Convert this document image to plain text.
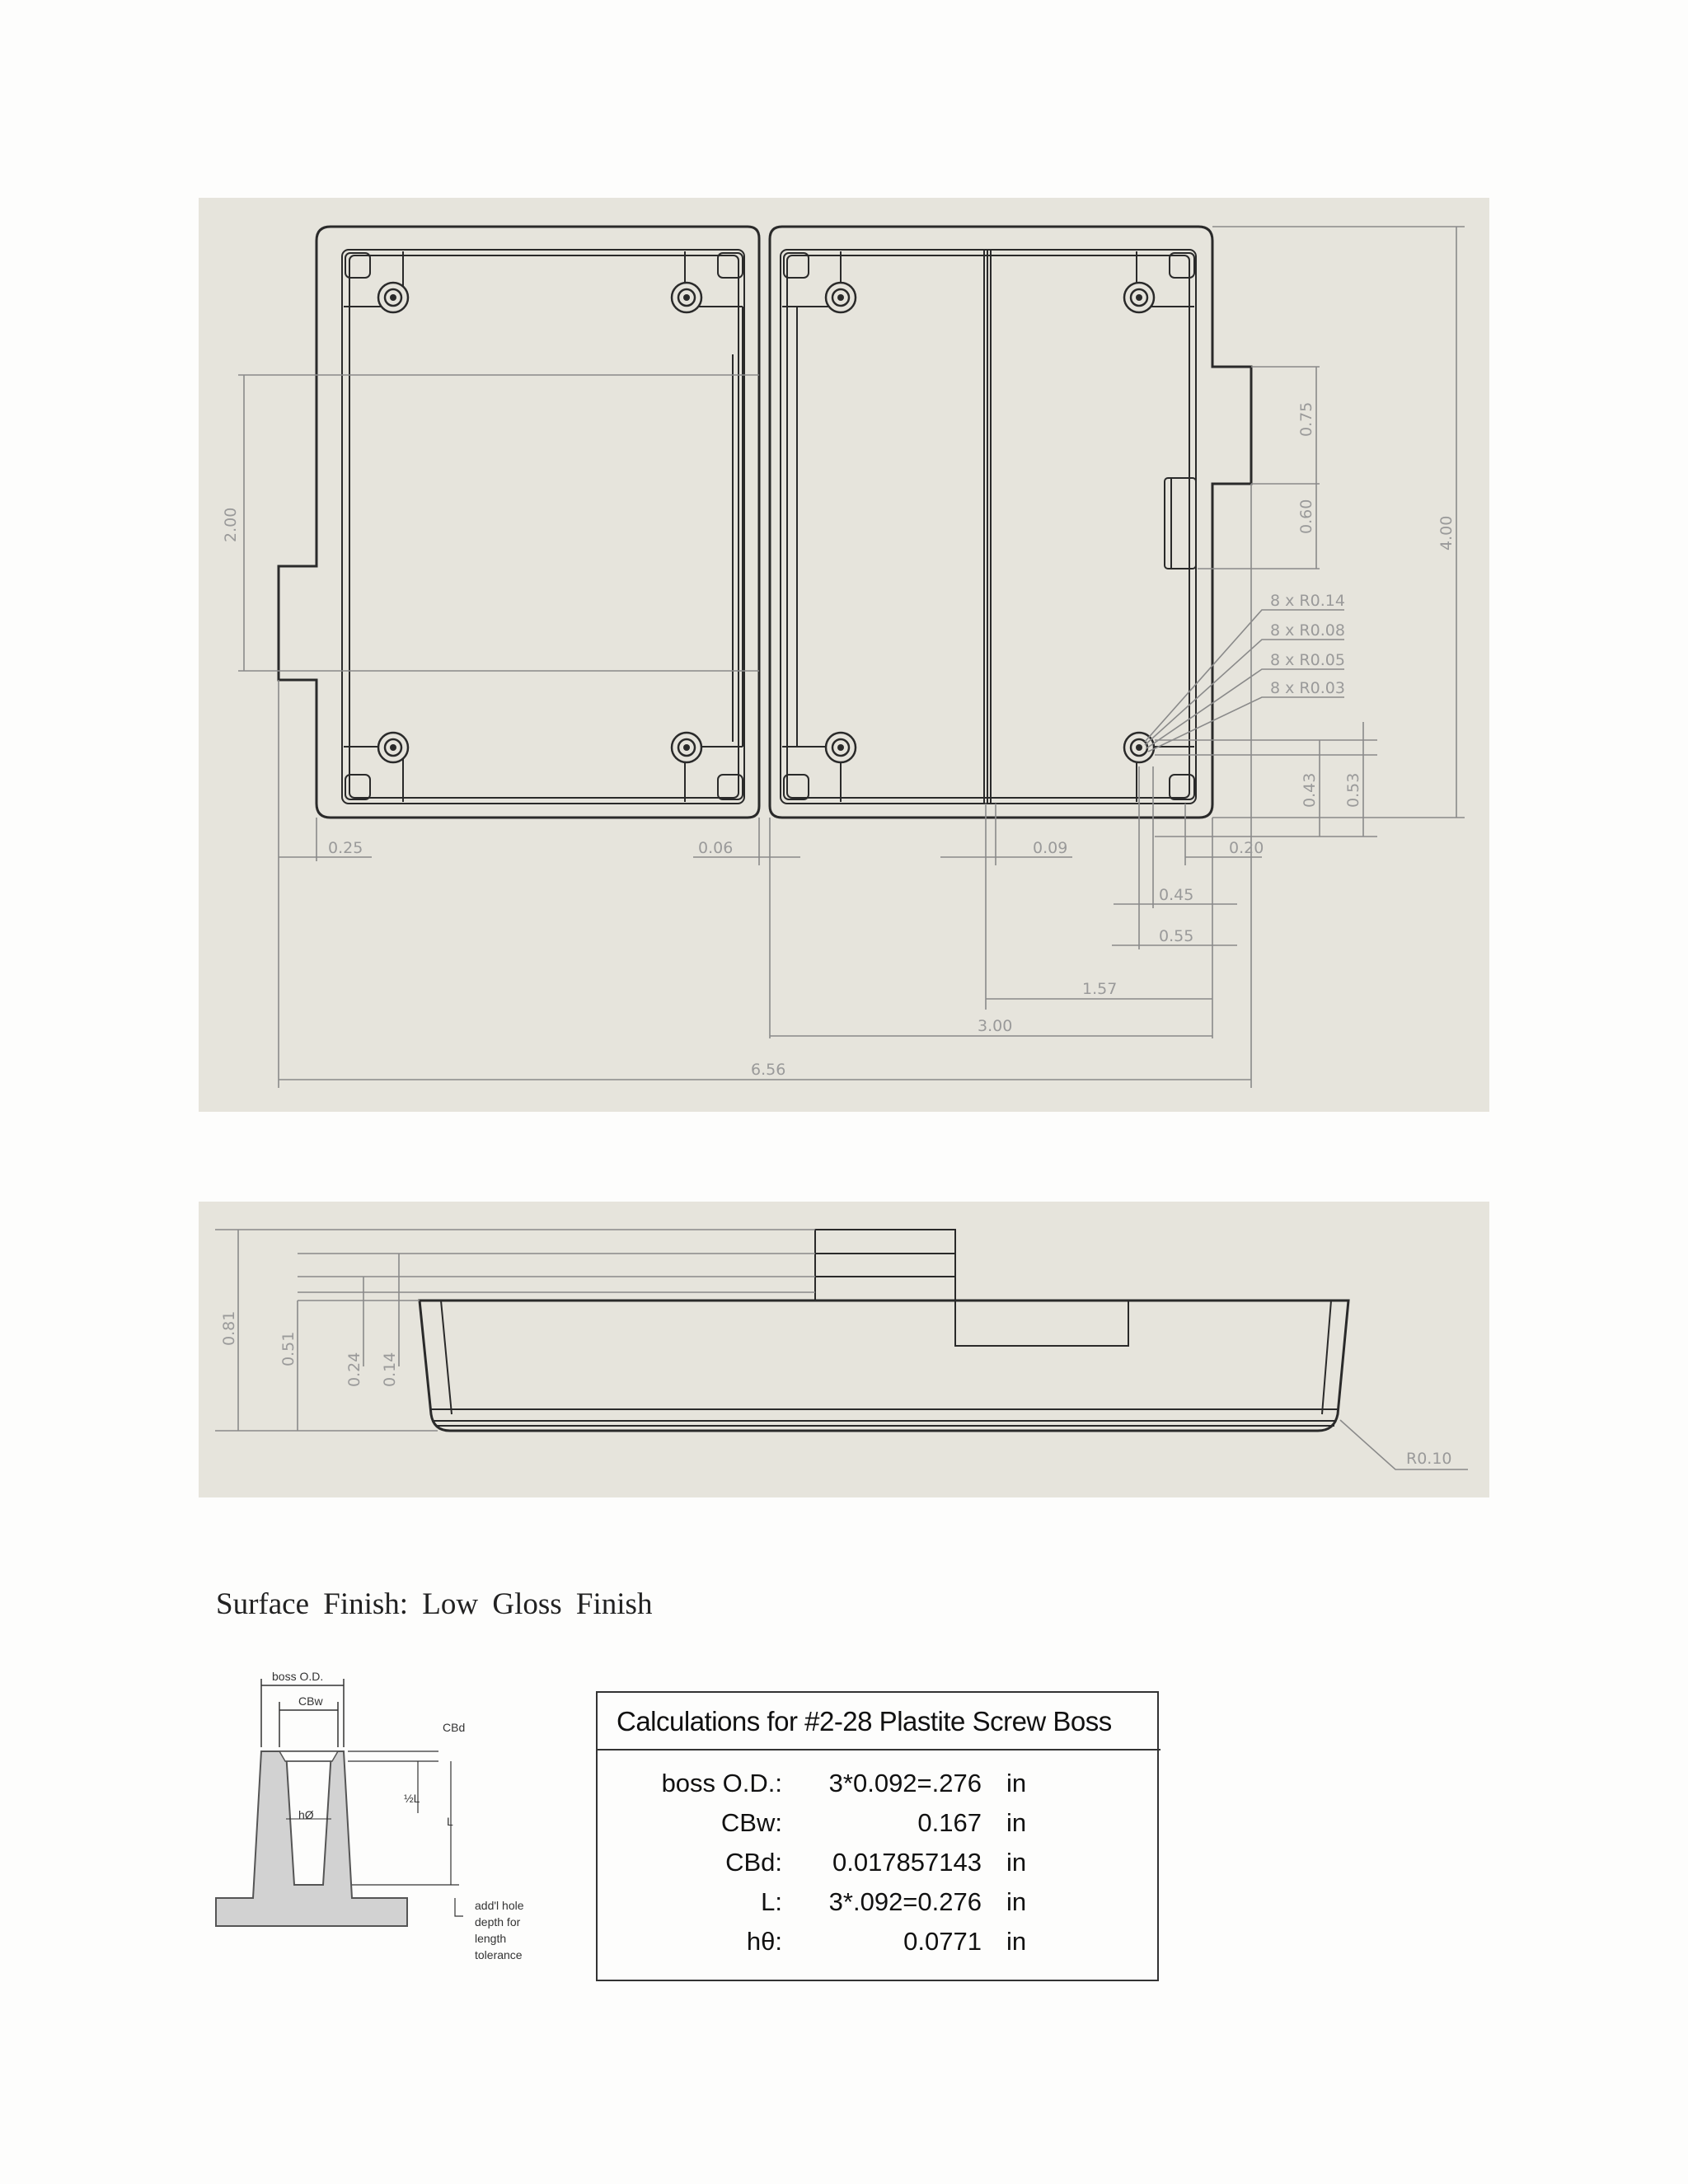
2.00
0.75
0.60	4.00
8 x R0.14
8 x R0.08
8 x R0.05
8 x R0.03
0.43 0.53
0.25	0.06	0.09	0.20
0.45
0.55
1.57
3.00
6.56
0.81
0.51
0.24 0.14
R0.10
Surface Finish: Low Gloss Finish
boss O.D.
CBw
CBd
½L
L
hØ
add'l hole
depth for
length
tolerance
Calculations for #2-28 Plastite Screw Boss
boss O.D.: 3*0.092=.276 in
CBw:	0.167 in
CBd: 0.017857143 in
L: 3*.092=0.276 in
hθ:	0.0771 in
